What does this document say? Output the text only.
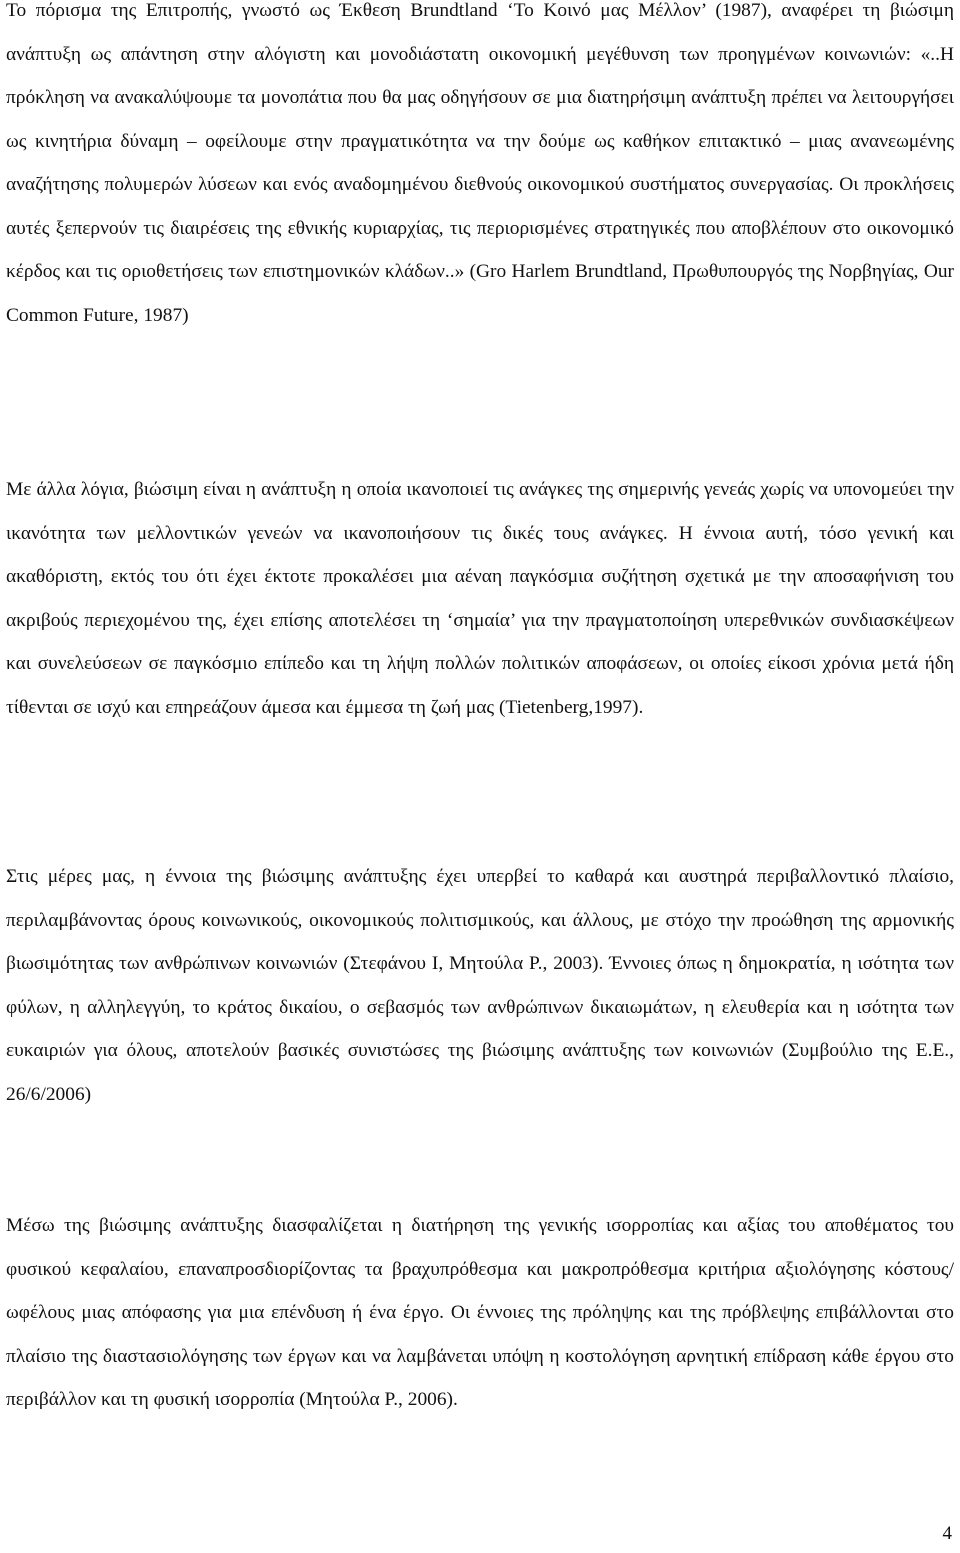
Το πόρισμα της Επιτροπής, γνωστό ως Έκθεση Brundtland ‘Το Κοινό μας Μέλλον’ (1987), αναφέρει τη βιώσιμη ανάπτυξη ως απάντηση στην αλόγιστη και μονοδιάστατη οικονομική μεγέθυνση των προηγμένων κοινωνιών: «..Η πρόκληση να ανακαλύψουμε τα μονοπάτια που θα μας οδηγήσουν σε μια διατηρήσιμη ανάπτυξη πρέπει να λειτουργήσει ως κινητήρια δύναμη – οφείλουμε στην πραγματικότητα να την δούμε ως καθήκον επιτακτικό – μιας ανανεωμένης αναζήτησης πολυμερών λύσεων και ενός αναδομημένου διεθνούς οικονομικού συστήματος συνεργασίας. Οι προκλήσεις αυτές ξεπερνούν τις διαιρέσεις της εθνικής κυριαρχίας, τις περιορισμένες στρατηγικές που αποβλέπουν στο οικονομικό κέρδος και τις οριοθετήσεις των επιστημονικών κλάδων..» (Gro Harlem Brundtland, Πρωθυπουργός της Νορβηγίας, Our Common Future, 1987)

Με άλλα λόγια, βιώσιμη είναι η ανάπτυξη η οποία ικανοποιεί τις ανάγκες της σημερινής γενεάς χωρίς να υπονομεύει την ικανότητα των μελλοντικών γενεών να ικανοποιήσουν τις δικές τους ανάγκες. Η έννοια αυτή, τόσο γενική και ακαθόριστη, εκτός του ότι έχει έκτοτε προκαλέσει μια αέναη παγκόσμια συζήτηση σχετικά με την αποσαφήνιση του ακριβούς περιεχομένου της, έχει επίσης αποτελέσει τη ‘σημαία’ για την πραγματοποίηση υπερεθνικών συνδιασκέψεων και συνελεύσεων σε παγκόσμιο επίπεδο και τη λήψη πολλών πολιτικών αποφάσεων, οι οποίες είκοσι χρόνια μετά ήδη τίθενται σε ισχύ και επηρεάζουν άμεσα και έμμεσα τη ζωή μας (Tietenberg,1997).

Στις μέρες μας, η έννοια της βιώσιμης ανάπτυξης έχει υπερβεί το καθαρά και αυστηρά περιβαλλοντικό πλαίσιο, περιλαμβάνοντας όρους κοινωνικούς, οικονομικούς πολιτισμικούς, και άλλους, με στόχο την προώθηση της αρμονικής βιωσιμότητας των ανθρώπινων κοινωνιών (Στεφάνου Ι, Μητούλα Ρ., 2003). Έννοιες όπως η δημοκρατία, η ισότητα των φύλων, η αλληλεγγύη, το κράτος δικαίου, ο σεβασμός των ανθρώπινων δικαιωμάτων, η ελευθερία και η ισότητα των ευκαιριών για όλους, αποτελούν βασικές συνιστώσες της βιώσιμης ανάπτυξης των κοινωνιών (Συμβούλιο της Ε.Ε., 26/6/2006)

Μέσω της βιώσιμης ανάπτυξης διασφαλίζεται η διατήρηση της γενικής ισορροπίας και αξίας του αποθέματος του φυσικού κεφαλαίου, επαναπροσδιορίζοντας τα βραχυπρόθεσμα και μακροπρόθεσμα κριτήρια αξιολόγησης κόστους/ ωφέλους μιας απόφασης για μια επένδυση ή ένα έργο. Οι έννοιες της πρόληψης και της πρόβλεψης επιβάλλονται στο πλαίσιο της διαστασιολόγησης των έργων και να λαμβάνεται υπόψη η κοστολόγηση αρνητική επίδραση κάθε έργου στο περιβάλλον και τη φυσική ισορροπία (Μητούλα Ρ., 2006).

4
